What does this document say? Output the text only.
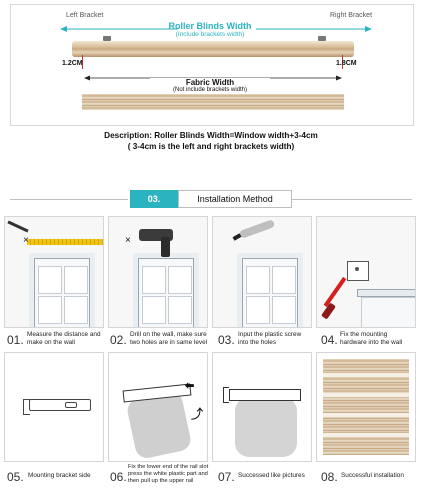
Left Bracket	Right Bracket
Roller Blinds Width
(Include brackets width)
1.2CM	1.8CM
Fabric Width
(Not include brackets width)
Description: Roller Blinds Width=Window width+3-4cm
( 3-4cm is the left and right brackets width)
03.	Installation Method
×	×
01. Measure the distance and make on the wall	02. Drill on the wall, make sure two holes are in same level 03. Input the plastic screw into the holes	04. Fix the mounting hardware into the wall
⬅
⤴
05. Mounting bracket side	06.
Fix the lower end of the rail slot press the white plastic part and then pull up the upper rail	07. Successed like pictures	08. Successful installation
